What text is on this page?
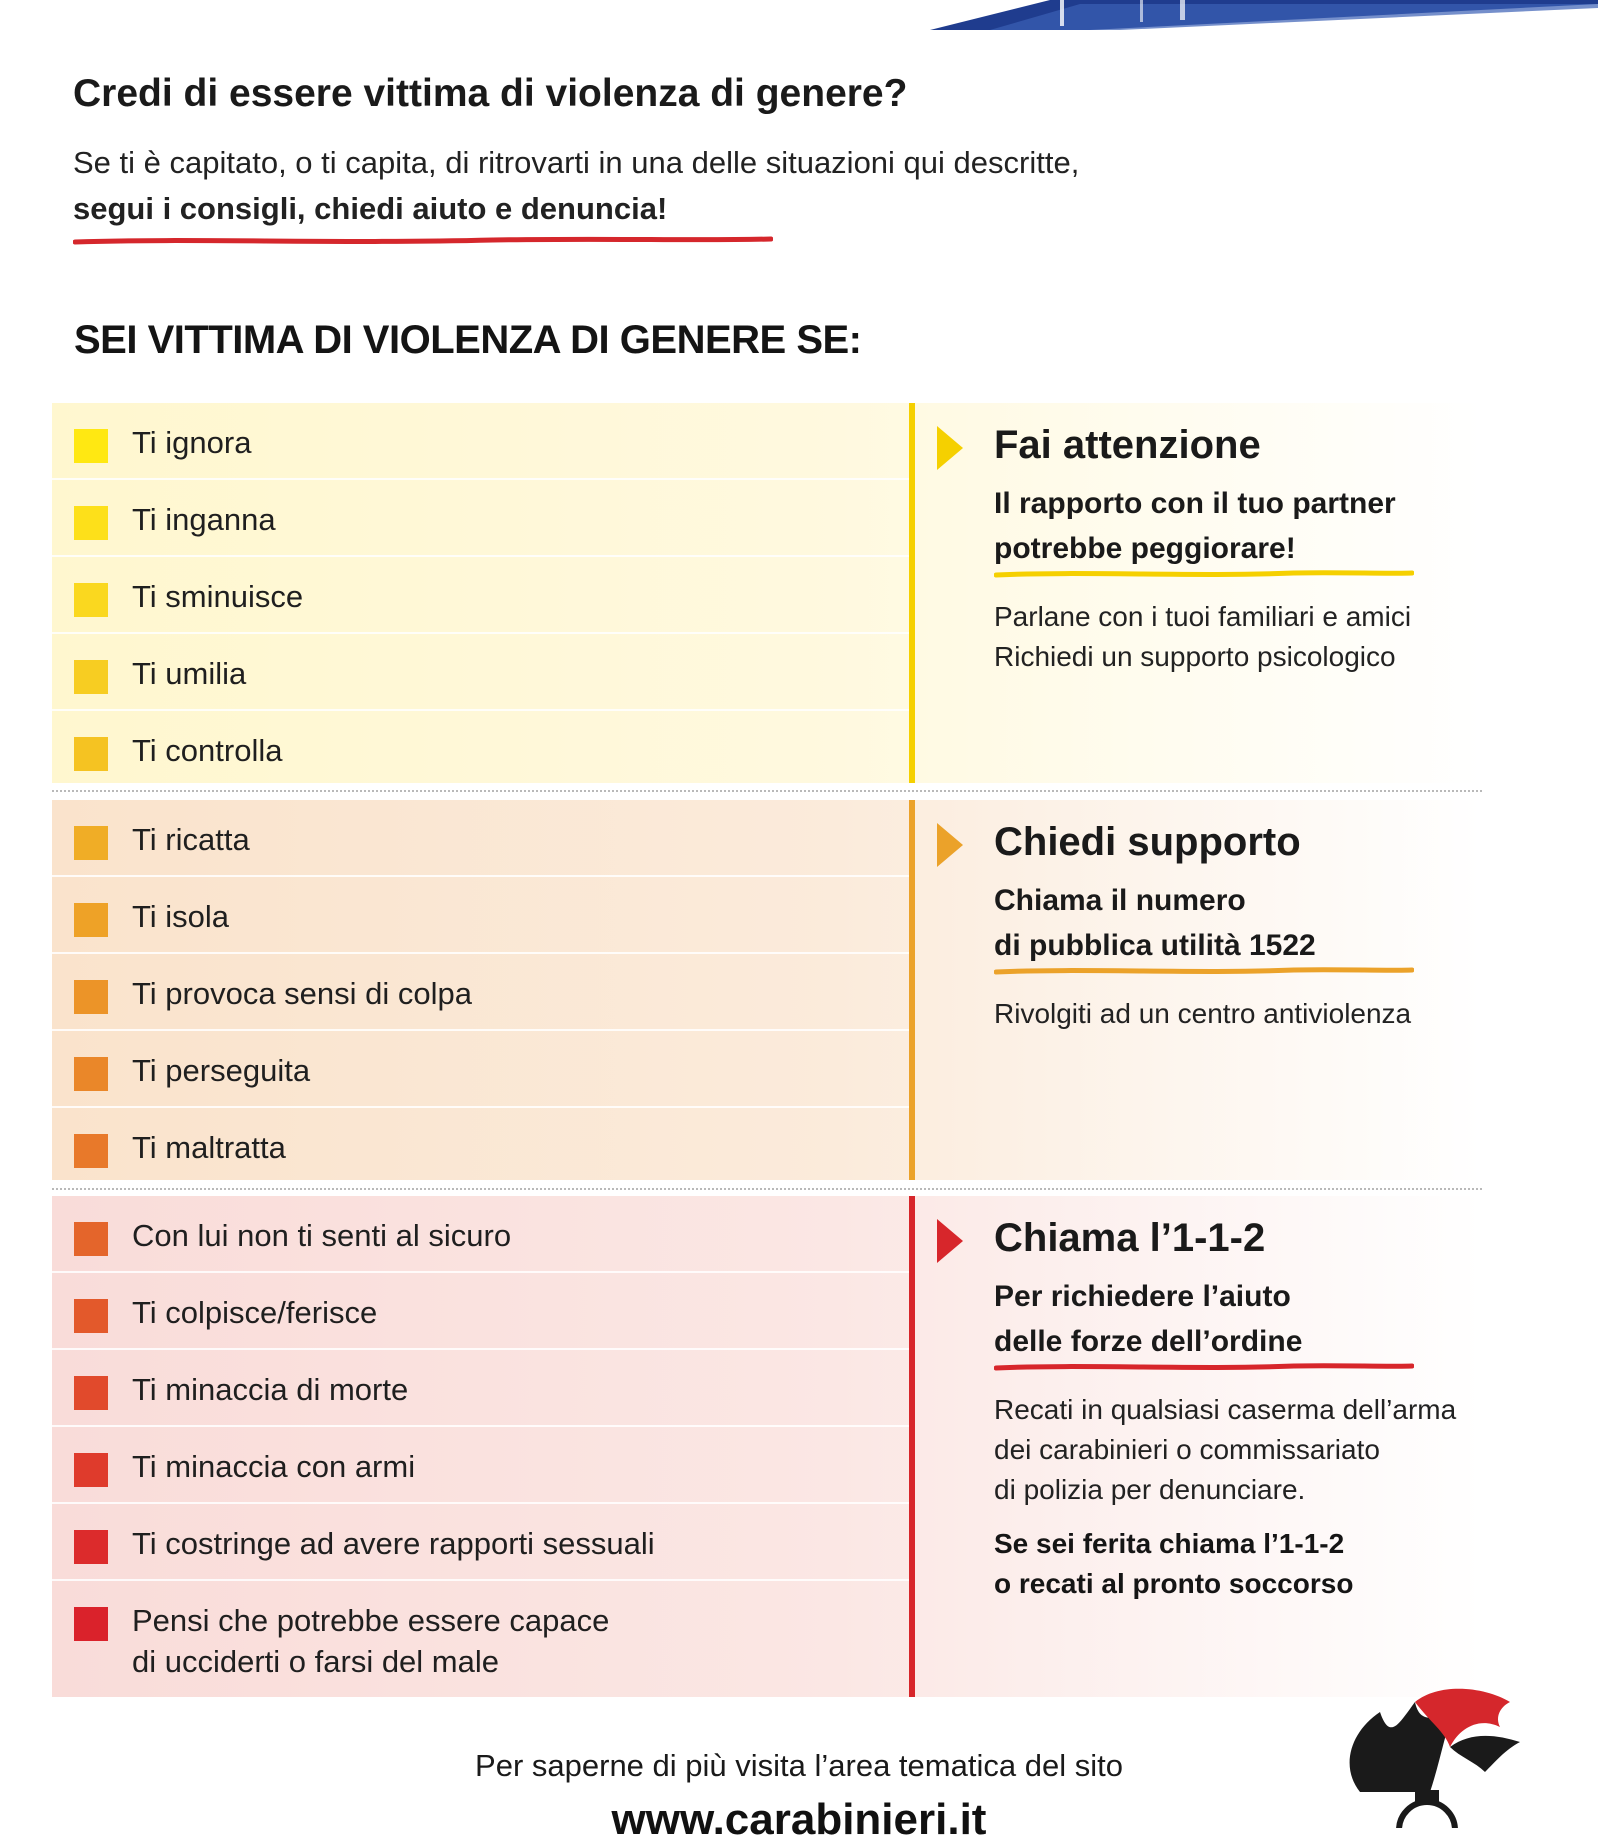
Credi di essere vittima di violenza di genere?
Se ti è capitato, o ti capita, di ritrovarti in una delle situazioni qui descritte,
segui i consigli, chiedi aiuto e denuncia!
SEI VITTIMA DI VIOLENZA DI GENERE SE:
Ti ignora
Ti inganna
Ti sminuisce
Ti umilia
Ti controlla
Fai attenzione
Il rapporto con il tuo partner
potrebbe peggiorare!
Parlane con i tuoi familiari e amici
Richiedi un supporto psicologico
Ti ricatta
Ti isola
Ti provoca sensi di colpa
Ti perseguita
Ti maltratta
Chiedi supporto
Chiama il numero
di pubblica utilità 1522
Rivolgiti ad un centro antiviolenza
Con lui non ti senti al sicuro
Ti colpisce/ferisce
Ti minaccia di morte
Ti minaccia con armi
Ti costringe ad avere rapporti sessuali
Pensi che potrebbe essere capace
di ucciderti o farsi del male
Chiama l’1-1-2
Per richiedere l’aiuto
delle forze dell’ordine
Recati in qualsiasi caserma dell’arma
dei carabinieri o commissariato
di polizia per denunciare.
Se sei ferita chiama l’1-1-2
o recati al pronto soccorso
Per saperne di più visita l’area tematica del sito
www.carabinieri.it
